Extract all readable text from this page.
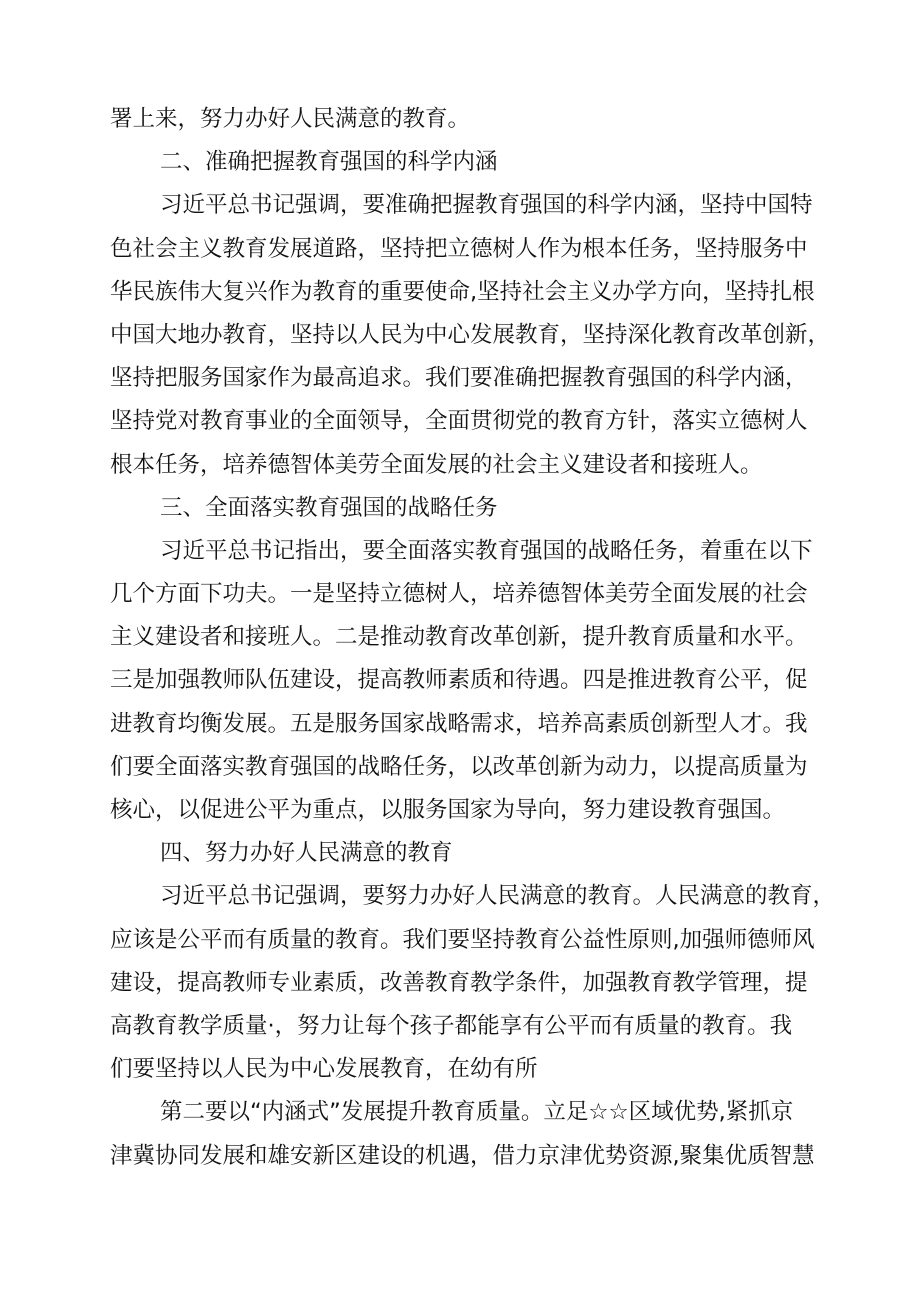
署上来，努力办好人民满意的教育。
二、准确把握教育强国的科学内涵
习近平总书记强调，要准确把握教育强国的科学内涵，坚持中国特
色社会主义教育发展道路，坚持把立德树人作为根本任务，坚持服务中
华民族伟大复兴作为教育的重要使命,坚持社会主义办学方向，坚持扎根
中国大地办教育，坚持以人民为中心发展教育，坚持深化教育改革创新，
坚持把服务国家作为最高追求。我们要准确把握教育强国的科学内涵，
坚持党对教育事业的全面领导，全面贯彻党的教育方针，落实立德树人
根本任务，培养德智体美劳全面发展的社会主义建设者和接班人。
三、全面落实教育强国的战略任务
习近平总书记指出，要全面落实教育强国的战略任务，着重在以下
几个方面下功夫。一是坚持立德树人，培养德智体美劳全面发展的社会
主义建设者和接班人。二是推动教育改革创新，提升教育质量和水平。
三是加强教师队伍建设，提高教师素质和待遇。四是推进教育公平，促
进教育均衡发展。五是服务国家战略需求，培养高素质创新型人才。我
们要全面落实教育强国的战略任务，以改革创新为动力，以提高质量为
核心，以促进公平为重点，以服务国家为导向，努力建设教育强国。
四、努力办好人民满意的教育
习近平总书记强调，要努力办好人民满意的教育。人民满意的教育，
应该是公平而有质量的教育。我们要坚持教育公益性原则,加强师德师风
建设，提高教师专业素质，改善教育教学条件，加强教育教学管理，提
高教育教学质量·，努力让每个孩子都能享有公平而有质量的教育。我
们要坚持以人民为中心发展教育，在幼有所
第二要以“内涵式”发展提升教育质量。立足☆☆区域优势,紧抓京
津冀协同发展和雄安新区建设的机遇，借力京津优势资源,聚集优质智慧
